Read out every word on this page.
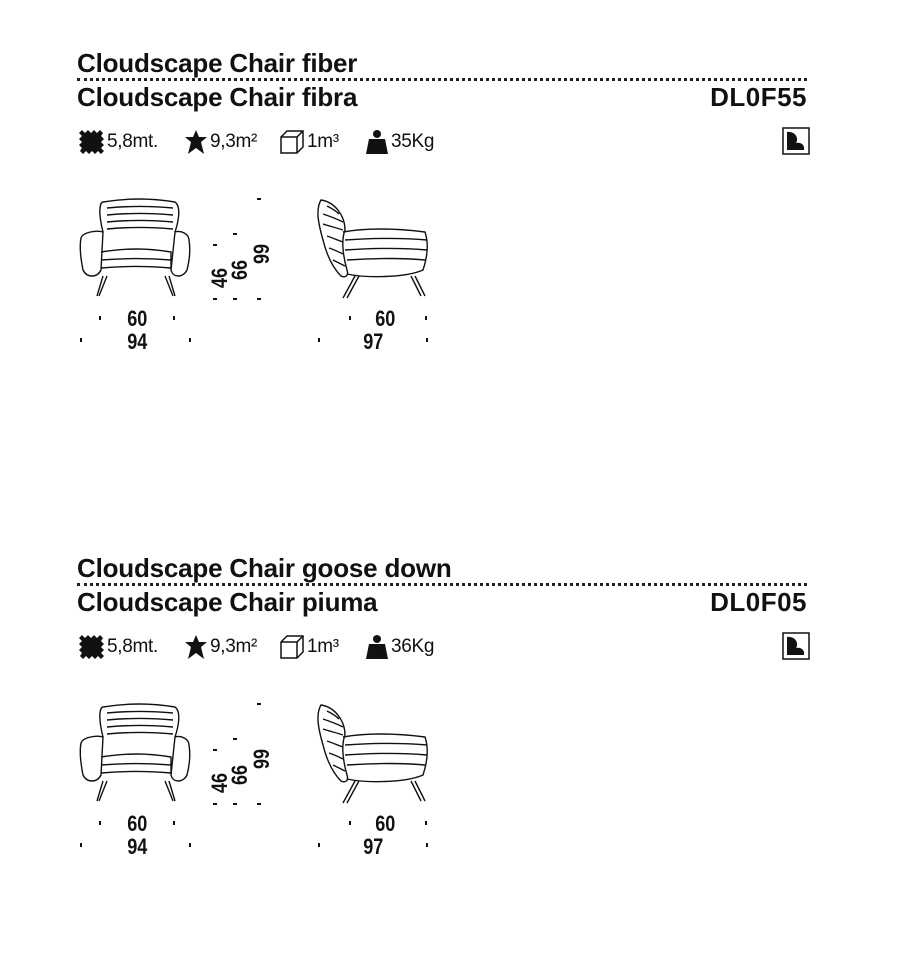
Cloudscape Chair fiber
Cloudscape Chair fibra	DL0F55
5,8mt.	9,3m²	1m³	35Kg
60
94
46
66
99
60
97
Cloudscape Chair goose down
Cloudscape Chair piuma	DL0F05
5,8mt.	9,3m²	1m³	36Kg
60
94
46
66
99
60
97
